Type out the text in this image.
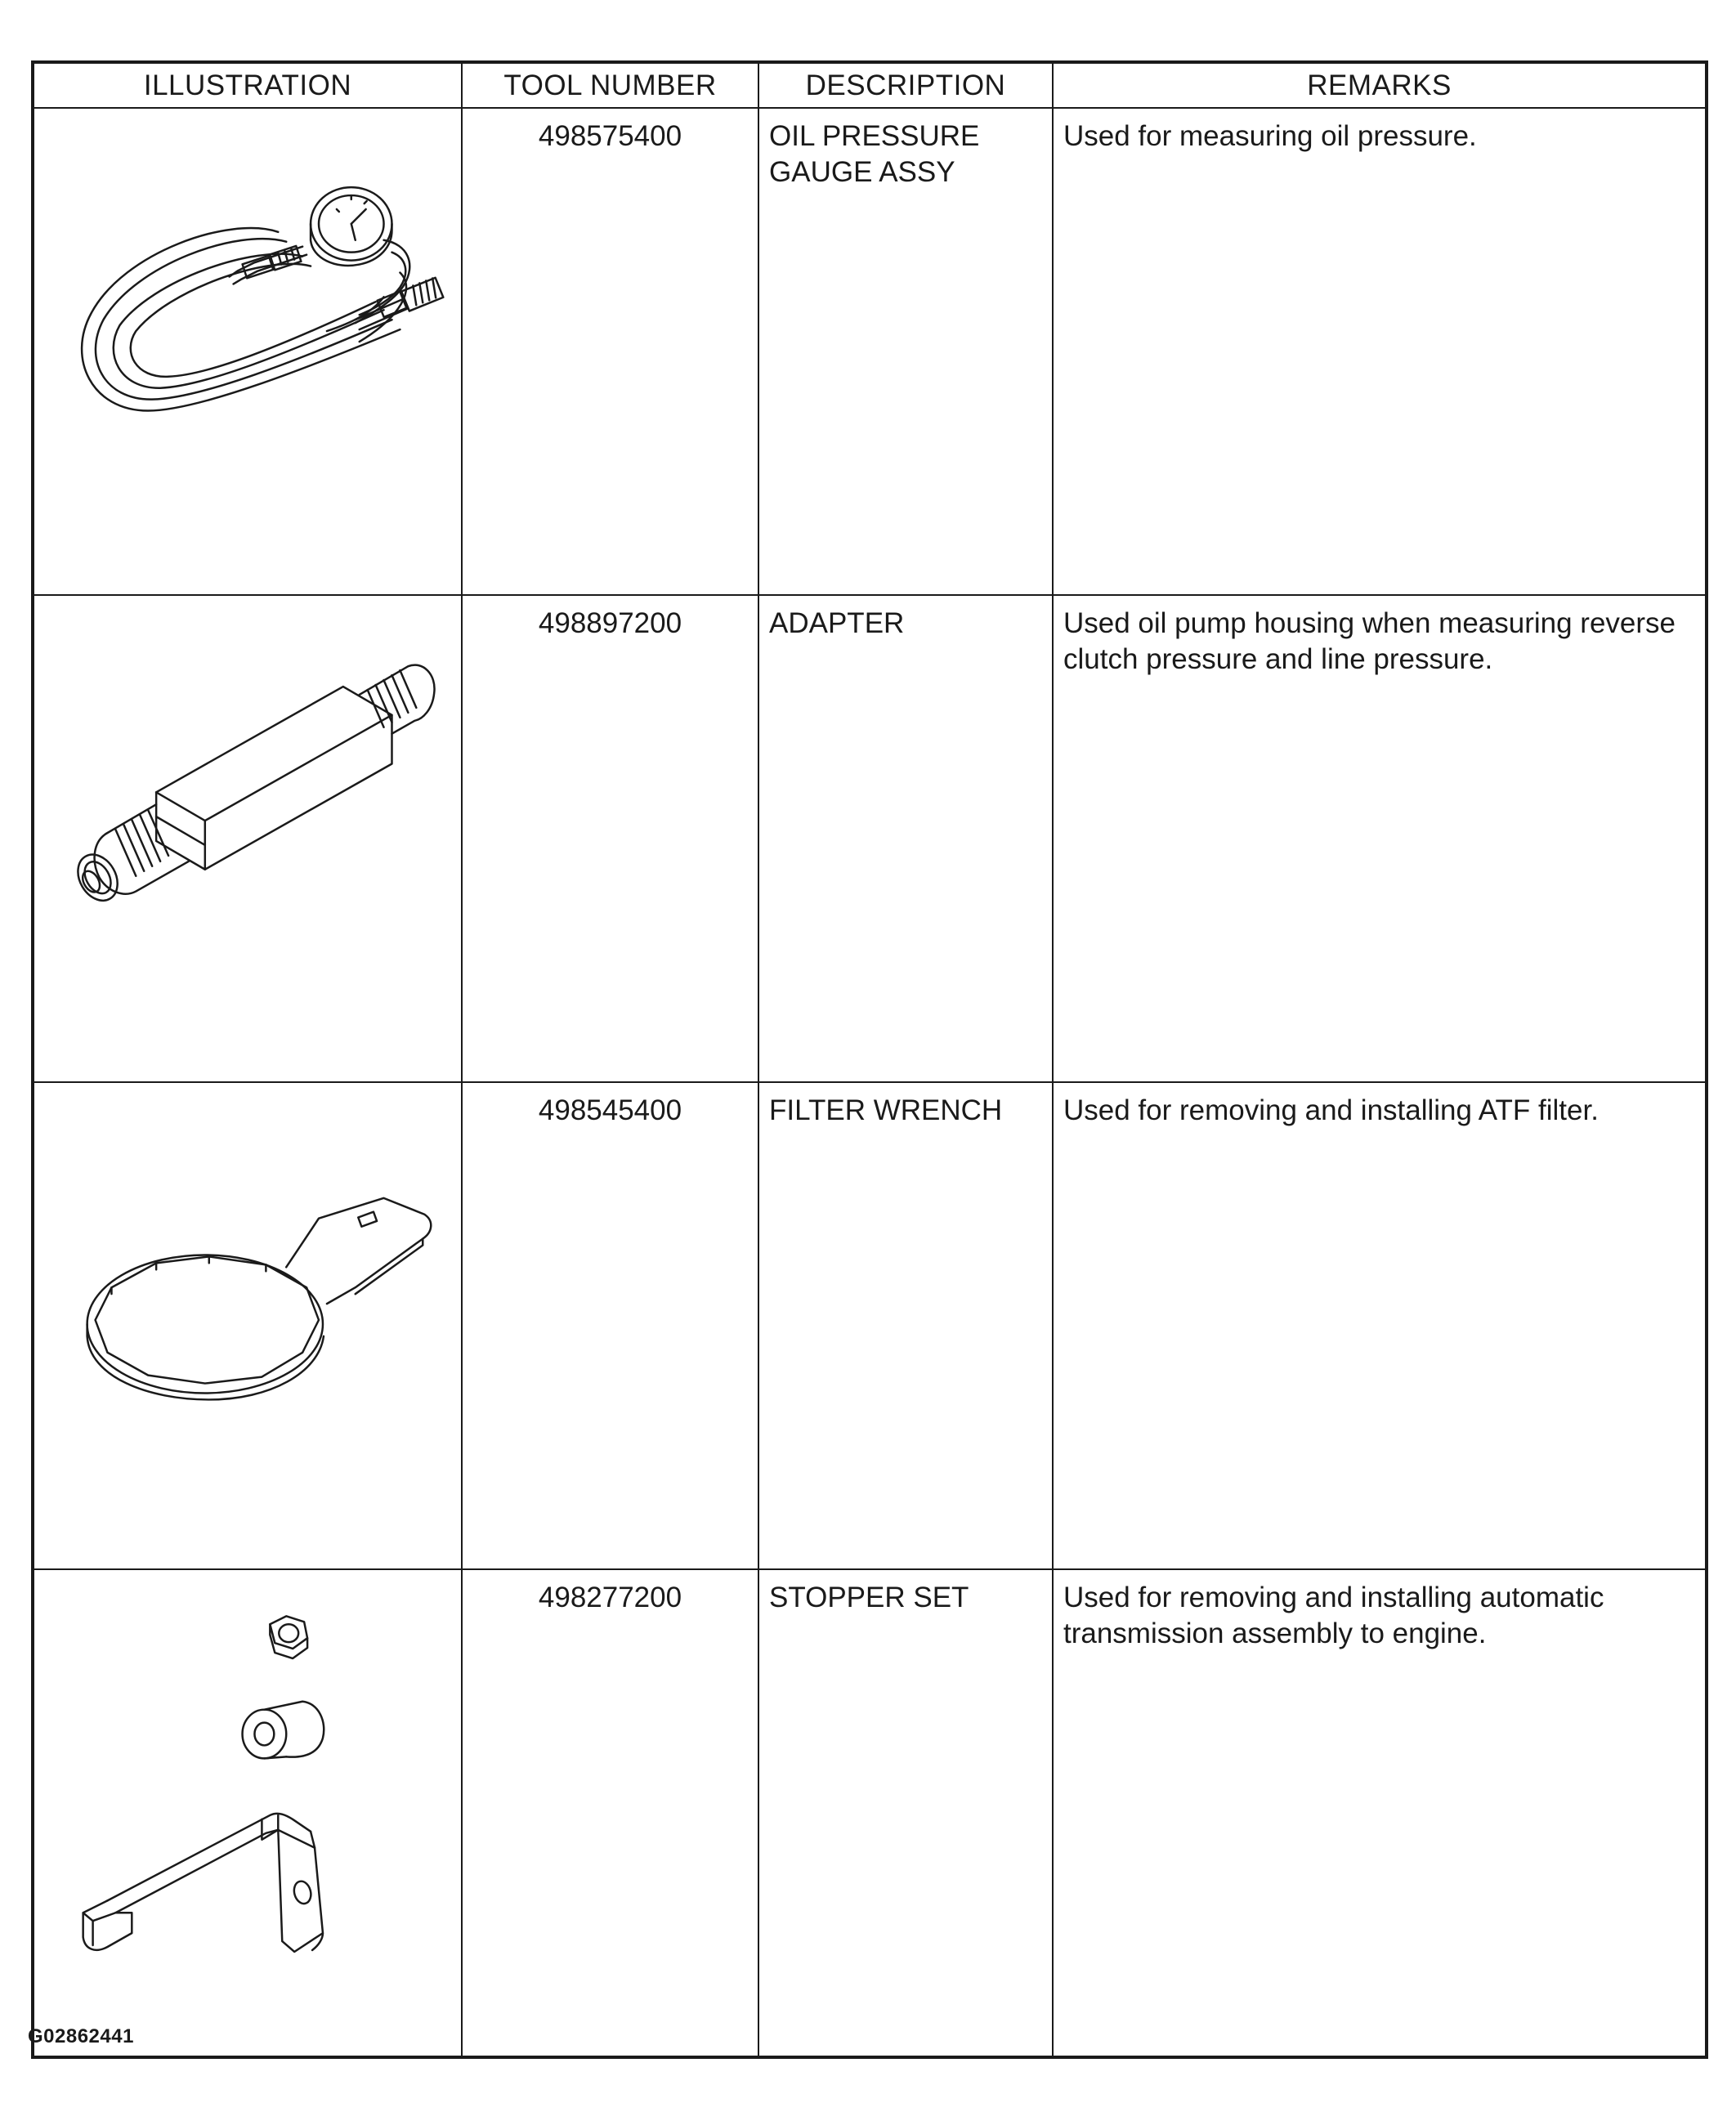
ILLUSTRATION	TOOL NUMBER	DESCRIPTION	REMARKS

	498575400	OIL PRESSURE GAUGE ASSY	Used for measuring oil pressure.

	498897200	ADAPTER	Used oil pump housing when measuring reverse clutch pressure and line pressure.

	498545400	FILTER WRENCH	Used for removing and installing ATF filter.

	498277200	STOPPER SET	Used for removing and installing automatic transmission assembly to engine.
G02862441
